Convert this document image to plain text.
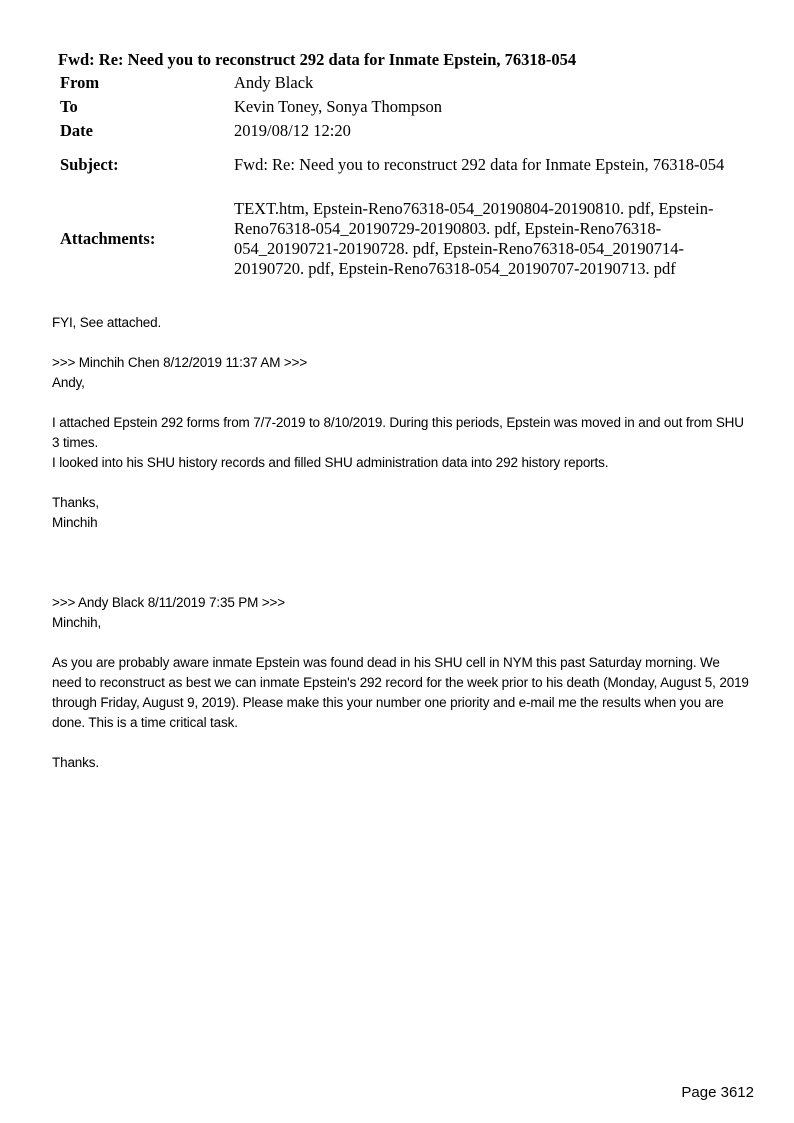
Fwd: Re: Need you to reconstruct 292 data for Inmate Epstein, 76318-054
From	Andy Black
To	Kevin Toney, Sonya Thompson
Date	2019/08/12 12:20
Subject:	Fwd: Re: Need you to reconstruct 292 data for Inmate Epstein, 76318-054
Attachments:	TEXT.htm, Epstein-Reno76318-054_20190804-20190810. pdf, Epstein-Reno76318-054_20190729-20190803. pdf, Epstein-Reno76318-054_20190721-20190728. pdf, Epstein-Reno76318-054_20190714-20190720. pdf, Epstein-Reno76318-054_20190707-20190713. pdf

FYI, See attached.

>>> Minchih Chen 8/12/2019 11:37 AM >>>

Andy,

I attached Epstein 292 forms from 7/7-2019 to 8/10/2019. During this periods, Epstein was moved in and out from SHU 3 times.

I looked into his SHU history records and filled SHU administration data into 292 history reports.

Thanks,

Minchih

>>> Andy Black 8/11/2019 7:35 PM >>>

Minchih,

As you are probably aware inmate Epstein was found dead in his SHU cell in NYM this past Saturday morning. We need to reconstruct as best we can inmate Epstein's 292 record for the week prior to his death (Monday, August 5, 2019 through Friday, August 9, 2019). Please make this your number one priority and e-mail me the results when you are done. This is a time critical task.

Thanks.

Page 3612
